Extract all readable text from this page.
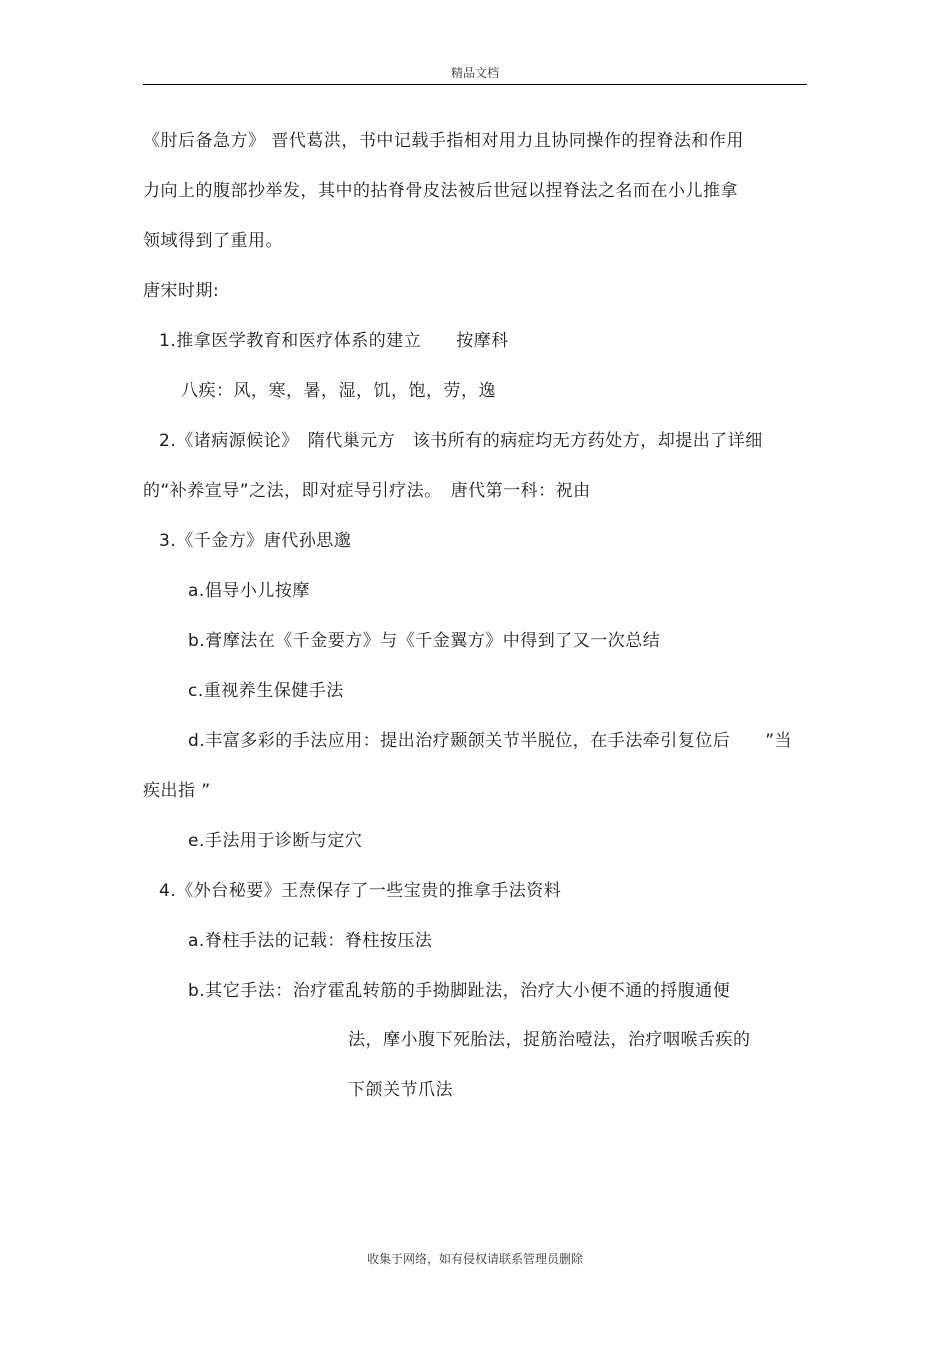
精品文档
《肘后备急方》 晋代葛洪，书中记载手指相对用力且协同操作的捏脊法和作用
力向上的腹部抄举发，其中的拈脊骨皮法被后世冠以捏脊法之名而在小儿推拿
领域得到了重用。
唐宋时期:
1.推拿医学教育和医疗体系的建立　　按摩科
八疾：风，寒，暑，湿，饥，饱，劳，逸
2.《诸病源候论》　隋代巢元方　该书所有的病症均无方药处方，却提出了详细
的“补养宣导”之法，即对症导引疗法。　唐代第一科：祝由
3.《千金方》唐代孙思邈
a.倡导小儿按摩
b.膏摩法在《千金要方》与《千金翼方》中得到了又一次总结
c.重视养生保健手法
d.丰富多彩的手法应用：提出治疗颞颌关节半脱位，在手法牵引复位后　　”当
疾出指 ”
e.手法用于诊断与定穴
4.《外台秘要》王焘保存了一些宝贵的推拿手法资料
a.脊柱手法的记载：脊柱按压法
b.其它手法：治疗霍乱转筋的手拗脚趾法，治疗大小便不通的捋腹通便
法，摩小腹下死胎法，捉筋治噎法，治疗咽喉舌疾的
下颌关节爪法
收集于网络，如有侵权请联系管理员删除
